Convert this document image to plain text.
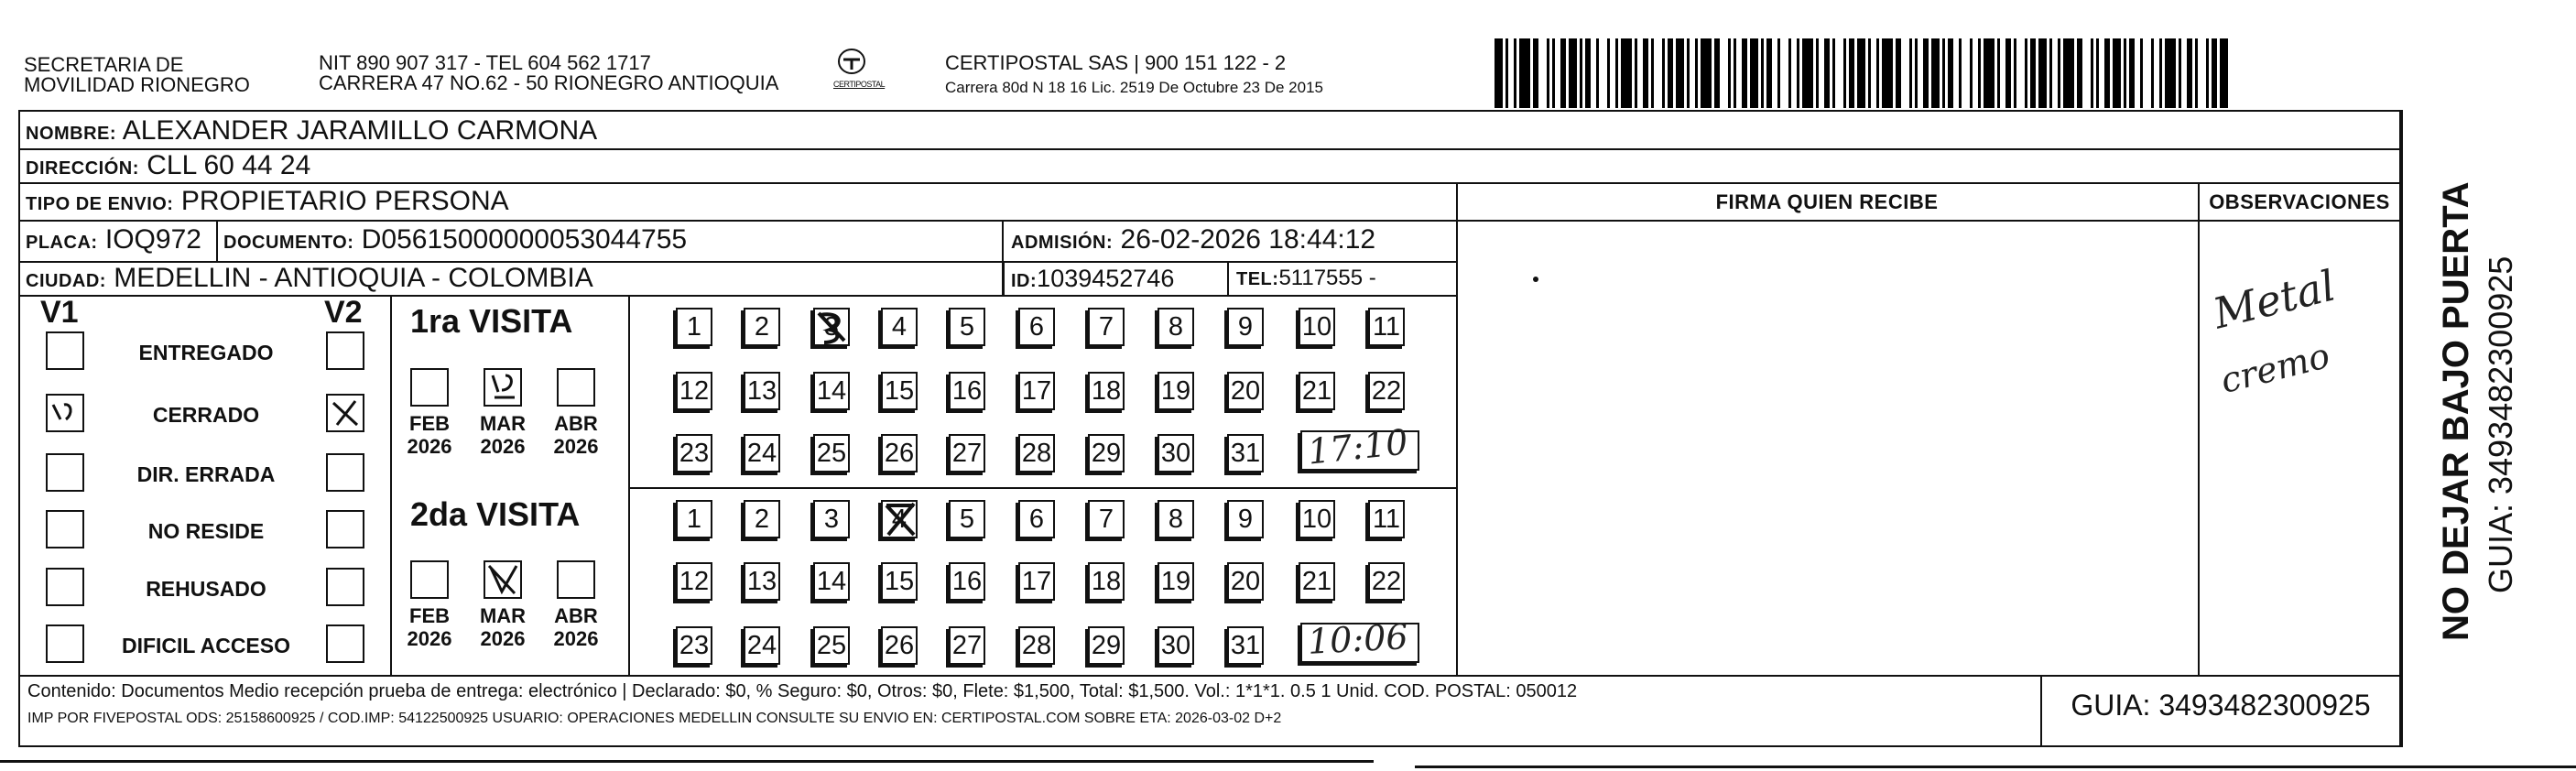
SECRETARIA DE
MOVILIDAD RIONEGRO
NIT 890 907 317 - TEL 604 562 1717
CARRERA 47 NO.62 - 50 RIONEGRO ANTIOQUIA	CERTIPOSTAL
CERTIPOSTAL SAS | 900 151 122 - 2
Carrera 80d N 18 16 Lic. 2519 De Octubre 23 De 2015
NOMBRE: ALEXANDER JARAMILLO CARMONA
DIRECCIÓN: CLL 60 44 24
TIPO DE ENVIO: PROPIETARIO PERSONA
PLACA: IOQ972 DOCUMENTO: D05615000000053044755	ADMISIÓN: 26-02-2026 18:44:12
CIUDAD: MEDELLIN - ANTIOQUIA - COLOMBIA	ID:1039452746	TEL:5117555 -
FIRMA QUIEN RECIBE	OBSERVACIONES
V1	V2
ENTREGADO
CERRADO
DIR. ERRADA
NO RESIDE
REHUSADO
DIFICIL ACCESO
1ra VISITA
2da VISITA
FEB
2026
MAR
2026
ABR
2026
FEB
2026
MAR
2026
ABR
2026
1	2	3	4	5	6	7	8	9	10 11
12 13 14 15 16 17 18 19 20 21 22
23 24 25 26 27 28 29 30 31
1	2	3	4	5	6	7	8	9	10 11
12 13 14 15 16 17 18 19 20 21 22
23 24 25 26 27 28 29 30 31
17:10
10:06
Metal
cremo
Contenido: Documentos Medio recepción prueba de entrega: electrónico | Declarado: $0, % Seguro: $0, Otros: $0, Flete: $1,500, Total: $1,500. Vol.: 1*1*1. 0.5 1 Unid. COD. POSTAL: 050012
IMP POR FIVEPOSTAL ODS: 25158600925 / COD.IMP: 54122500925 USUARIO: OPERACIONES MEDELLIN CONSULTE SU ENVIO EN: CERTIPOSTAL.COM SOBRE ETA: 2026-03-02 D+2	GUIA: 3493482300925
NO DEJAR BAJO PUERTA GUIA: 3493482300925
